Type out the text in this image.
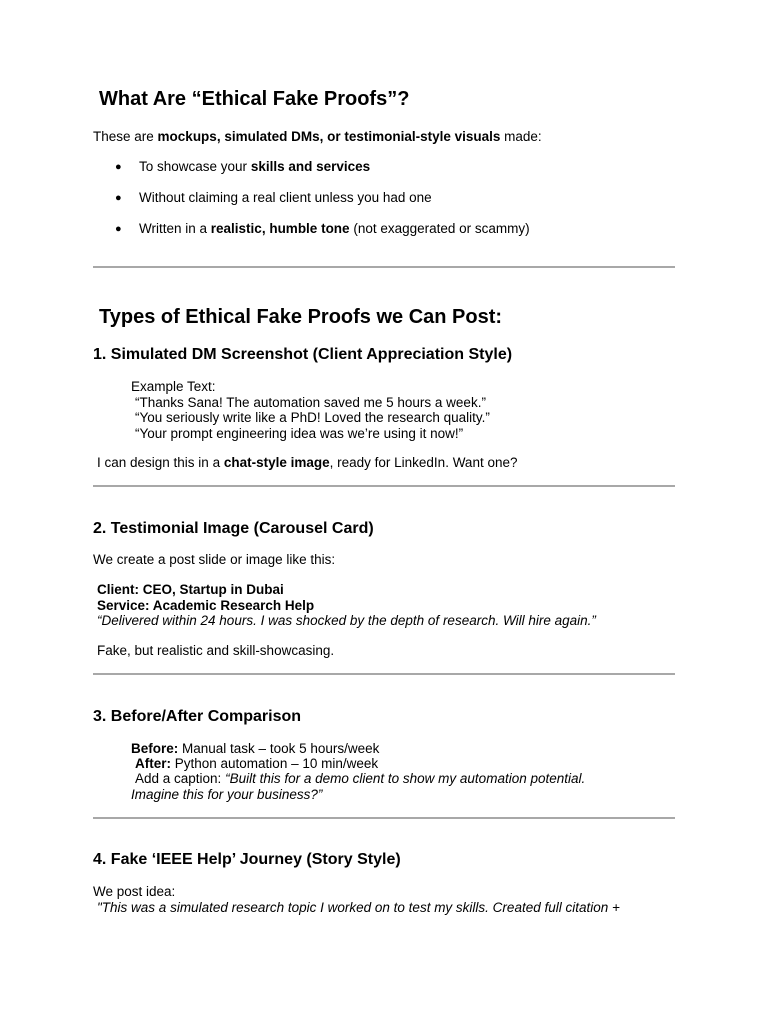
What Are “Ethical Fake Proofs”?
These are mockups, simulated DMs, or testimonial-style visuals made:
● To showcase your skills and services
● Without claiming a real client unless you had one
● Written in a realistic, humble tone (not exaggerated or scammy)
Types of Ethical Fake Proofs we Can Post:
1. Simulated DM Screenshot (Client Appreciation Style)
Example Text:
“Thanks Sana! The automation saved me 5 hours a week.”
“You seriously write like a PhD! Loved the research quality.”
“Your prompt engineering idea was we’re using it now!”
I can design this in a chat-style image, ready for LinkedIn. Want one?
2. Testimonial Image (Carousel Card)
We create a post slide or image like this:
Client: CEO, Startup in Dubai
Service: Academic Research Help
“Delivered within 24 hours. I was shocked by the depth of research. Will hire again.”
Fake, but realistic and skill-showcasing.
3. Before/After Comparison
Before: Manual task – took 5 hours/week
After: Python automation – 10 min/week
Add a caption: “Built this for a demo client to show my automation potential.
Imagine this for your business?”
4. Fake ‘IEEE Help’ Journey (Story Style)
We post idea:
"This was a simulated research topic I worked on to test my skills. Created full citation +
